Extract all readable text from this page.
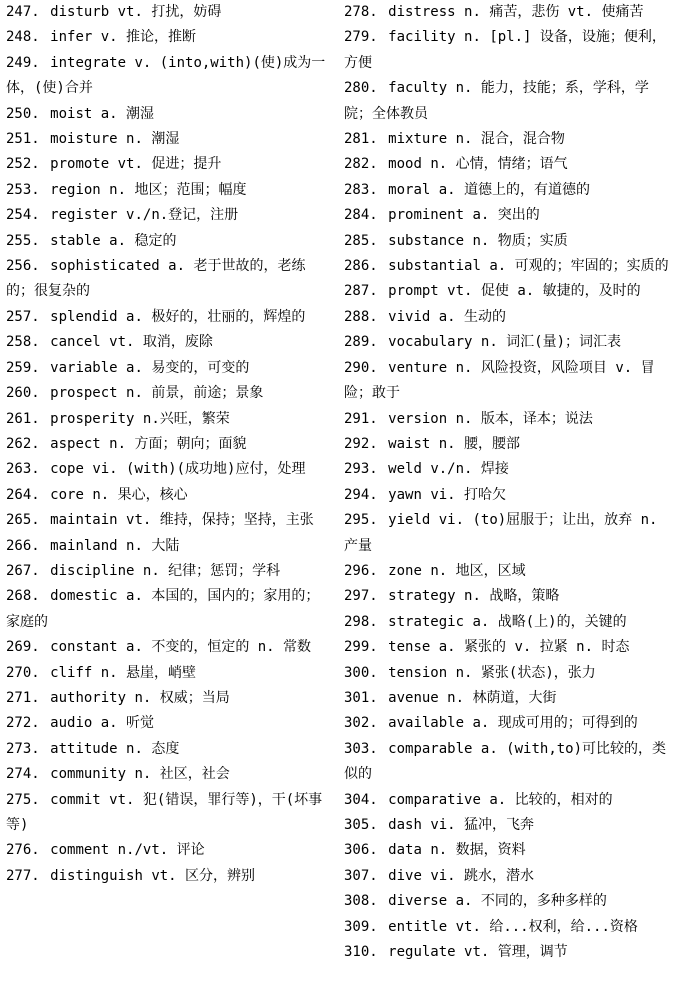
247. disturb vt. 打扰，妨碍
248. infer v. 推论，推断
249. integrate v. (into,with)(使)成为一体，(使)合并
250. moist a. 潮湿
251. moisture n. 潮湿
252. promote vt. 促进；提升
253. region n. 地区；范围；幅度
254. register v./n.登记，注册
255. stable a. 稳定的
256. sophisticated a. 老于世故的，老练的；很复杂的
257. splendid a. 极好的，壮丽的，辉煌的
258. cancel vt. 取消，废除
259. variable a. 易变的，可变的
260. prospect n. 前景，前途；景象
261. prosperity n.兴旺，繁荣
262. aspect n. 方面；朝向；面貌
263. cope vi. (with)(成功地)应付，处理
264. core n. 果心，核心
265. maintain vt. 维持，保持；坚持，主张
266. mainland n. 大陆
267. discipline n. 纪律；惩罚；学科
268. domestic a. 本国的，国内的；家用的；家庭的
269. constant a. 不变的，恒定的 n. 常数
270. cliff n. 悬崖，峭壁
271. authority n. 权威；当局
272. audio a. 听觉
273. attitude n. 态度
274. community n. 社区，社会
275. commit vt. 犯(错误，罪行等)，干(坏事等)
276. comment n./vt. 评论
277. distinguish vt. 区分，辨别
278. distress n. 痛苦，悲伤 vt. 使痛苦
279. facility n. [pl.] 设备，设施；便利，方便
280. faculty n. 能力，技能；系，学科，学院；全体教员
281. mixture n. 混合，混合物
282. mood n. 心情，情绪；语气
283. moral a. 道德上的，有道德的
284. prominent a. 突出的
285. substance n. 物质；实质
286. substantial a. 可观的；牢固的；实质的
287. prompt vt. 促使 a. 敏捷的，及时的
288. vivid a. 生动的
289. vocabulary n. 词汇(量)；词汇表
290. venture n. 风险投资，风险项目 v. 冒险；敢于
291. version n. 版本，译本；说法
292. waist n. 腰，腰部
293. weld v./n. 焊接
294. yawn vi. 打哈欠
295. yield vi. (to)屈服于；让出，放弃 n. 产量
296. zone n. 地区，区域
297. strategy n. 战略，策略
298. strategic a. 战略(上)的，关键的
299. tense a. 紧张的 v. 拉紧 n. 时态
300. tension n. 紧张(状态)，张力
301. avenue n. 林荫道，大街
302. available a. 现成可用的；可得到的
303. comparable a. (with,to)可比较的，类似的
304. comparative a. 比较的，相对的
305. dash vi. 猛冲，飞奔
306. data n. 数据，资料
307. dive vi. 跳水，潜水
308. diverse a. 不同的，多种多样的
309. entitle vt. 给...权利，给...资格
310. regulate vt. 管理，调节
